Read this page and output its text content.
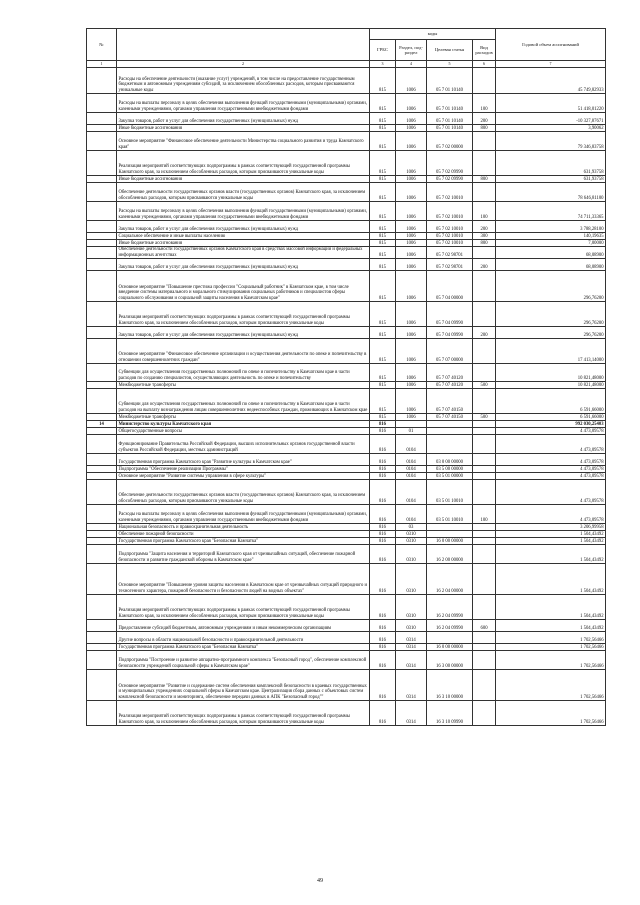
№		коды				Годовой объем ассигнований
		ГРБС	Раздел, под-раздел	Целевая статья	Вид расходов	
1	2	3	4	5	6	7
	Расходы на обеспечение деятельности (оказание услуг) учреждений, в том числе на предоставление государственным бюджетным и автономным учреждениям субсидий, за исключением обособленных расходов, которым присваиваются уникальные коды	815	1006	05 7 01 10140		45 749,82933
	Расходы на выплаты персоналу в целях обеспечения выполнения функций государственными (муниципальными) органами, казенными учреждениями, органами управления государственными внебюджетными фондами	815	1006	05 7 01 10140	100	51 418,01220
	Закупка товаров, работ и услуг для обеспечения государственных (муниципальных) нужд	815	1006	05 7 01 10140	200	-10 327,87671
	Иные бюджетные ассигнования	815	1006	05 7 01 10140	800	3,90062
	Основное мероприятие "Финансовое обеспечение деятельности Министерства социального развития и труда Камчатского края"	815	1006	05 7 02 00000		79 346,83758
	Реализация мероприятий соответствующих подпрограммы в рамках соответствующей государственной программы Камчатского края, за исключением обособленных расходов, которым присваиваются уникальные коды	815	1006	05 7 02 09990		631,93758
	Иные бюджетные ассигнования	815	1006	05 7 02 09990	800	631,93758
	Обеспечение деятельности государственных органов власти (государственных органов) Камчатского края, за исключением обособленных расходов, которым присваиваются уникальные коды	815	1006	05 7 02 10010		78 646,81100
	Расходы на выплаты персоналу в целях обеспечения выполнения функций государственными (муниципальными) органами, казенными учреждениями, органами управления государственными внебюджетными фондами	815	1006	05 7 02 10010	100	74 711,33365
	Закупка товаров, работ и услуг для обеспечения государственных (муниципальных) нужд	815	1006	05 7 02 10010	200	3 788,28100
	Социальное обеспечение и иные выплаты населению	815	1006	05 7 02 10010	300	140,19635
	Иные бюджетные ассигнования	815	1006	05 7 02 10010	800	7,00000
	Обеспечение деятельности государственных органов Камчатского края в средствах массовой информации и федеральных информационных агентствах	815	1006	05 7 02 98701		68,08900
	Закупка товаров, работ и услуг для обеспечения государственных (муниципальных) нужд	815	1006	05 7 02 98701	200	68,08900
	Основное мероприятие "Повышение престижа профессии "Социальный работник" в Камчатском крае, в том числе внедрение системы материального и морального стимулирования социальных работников и специалистов сферы социального обслуживания и социальной защиты населения в Камчатском крае"	815	1006	05 7 04 00000		296,76200
	Реализация мероприятий соответствующих подпрограммы в рамках соответствующей государственной программы Камчатского края, за исключением обособленных расходов, которым присваиваются уникальные коды	815	1006	05 7 04 09990		296,76200
	Закупка товаров, работ и услуг для обеспечения государственных (муниципальных) нужд	815	1006	05 7 04 09990	200	296,76200
	Основное мероприятие "Финансовое обеспечение организации и осуществления деятельности по опеке и попечительству в отношении совершеннолетних граждан"	815	1006	05 7 07 00000		17 413,14000
	Субвенции для осуществления государственных полномочий по опеке и попечительству в Камчатском крае в части расходов по созданию специалистов, осуществляющих деятельность по опеке и попечительству	815	1006	05 7 07 40120		10 821,48000
	Межбюджетные трансферты	815	1006	05 7 07 40120	500	10 821,48000
	Субвенции для осуществления государственных полномочий по опеке и попечительству в Камчатском крае в части расходов на выплату вознаграждения лицам совершеннолетних недееспособных граждан, проживающих в Камчатском крае	815	1006	05 7 07 40150		6 591,66000
	Межбюджетные трансферты	815	1006	05 7 07 40150	500	6 591,66000
14	Министерство культуры Камчатского края	816				992 030,25403
	Общегосударственные вопросы	816	01			4 473,09578
	Функционирование Правительства Российской Федерации, высших исполнительных органов государственной власти субъектов Российской Федерации, местных администраций	816	0104			4 473,09578
	Государственная программа Камчатского края "Развитие культуры в Камчатском крае"	816	0104	03 0 00 00000		4 473,09578
	Подпрограмма "Обеспечение реализации Программы"	816	0104	03 5 00 00000		4 473,09578
	Основное мероприятие "Развитие системы управления в сфере культуры"	816	0104	03 5 01 00000		4 473,09578
	Обеспечение деятельности государственных органов власти (государственных органов) Камчатского края, за исключением обособленных расходов, которым присваиваются уникальные коды	816	0104	03 5 01 10010		4 473,09578
	Расходы на выплаты персоналу в целях обеспечения выполнения функций государственными (муниципальными) органами, казенными учреждениями, органами управления государственными внебюджетными фондами	816	0104	03 5 01 10010	100	4 473,09578
	Национальная безопасность и правоохранительная деятельность	816	03			3 206,99958
	Обеспечение пожарной безопасности	816	0310			1 504,43492
	Государственная программа Камчатского края "Безопасная Камчатка"	816	0310	16 0 00 00000		1 504,43492
	Подпрограмма "Защита населения и территорий Камчатского края от чрезвычайных ситуаций, обеспечение пожарной безопасности и развитие гражданской обороны в Камчатском крае"	816	0310	16 2 00 00000		1 504,43492
	Основное мероприятие "Повышение уровня защиты населения в Камчатском крае от чрезвычайных ситуаций природного и техногенного характера, пожарной безопасности и безопасности людей на водных объектах"	816	0310	16 2 04 00000		1 504,43492
	Реализация мероприятий соответствующих подпрограммы в рамках соответствующей государственной программы Камчатского края, за исключением обособленных расходов, которым присваиваются уникальные коды	816	0310	16 2 04 09990		1 504,43492
	Предоставление субсидий бюджетным, автономным учреждениям и иным некоммерческим организациям	816	0310	16 2 04 09990	600	1 504,43492
	Другие вопросы в области национальной безопасности и правоохранительной деятельности	816	0314			1 702,56466
	Государственная программа Камчатского края "Безопасная Камчатка"	816	0314	16 0 00 00000		1 702,56466
	Подпрограмма "Построение и развитие аппаратно-программного комплекса "Безопасный город", обеспечение комплексной безопасности учреждений социальной сферы в Камчатском крае"	816	0314	16 3 00 00000		1 702,56466
	Основное мероприятие "Развитие и содержание систем обеспечения комплексной безопасности в краевых государственных и муниципальных учреждениях социальной сферы в Камчатском крае. Централизация сбора данных с объектовых систем комплексной безопасности и мониторинга, обеспечение передачи данных в АПК "Безопасный город""	816	0314	16 3 10 00000		1 702,56466
	Реализация мероприятий соответствующих подпрограммы в рамках соответствующей государственной программы Камчатского края, за исключением обособленных расходов, которым присваиваются уникальные коды	816	0314	16 3 10 09990		1 702,56466
49
